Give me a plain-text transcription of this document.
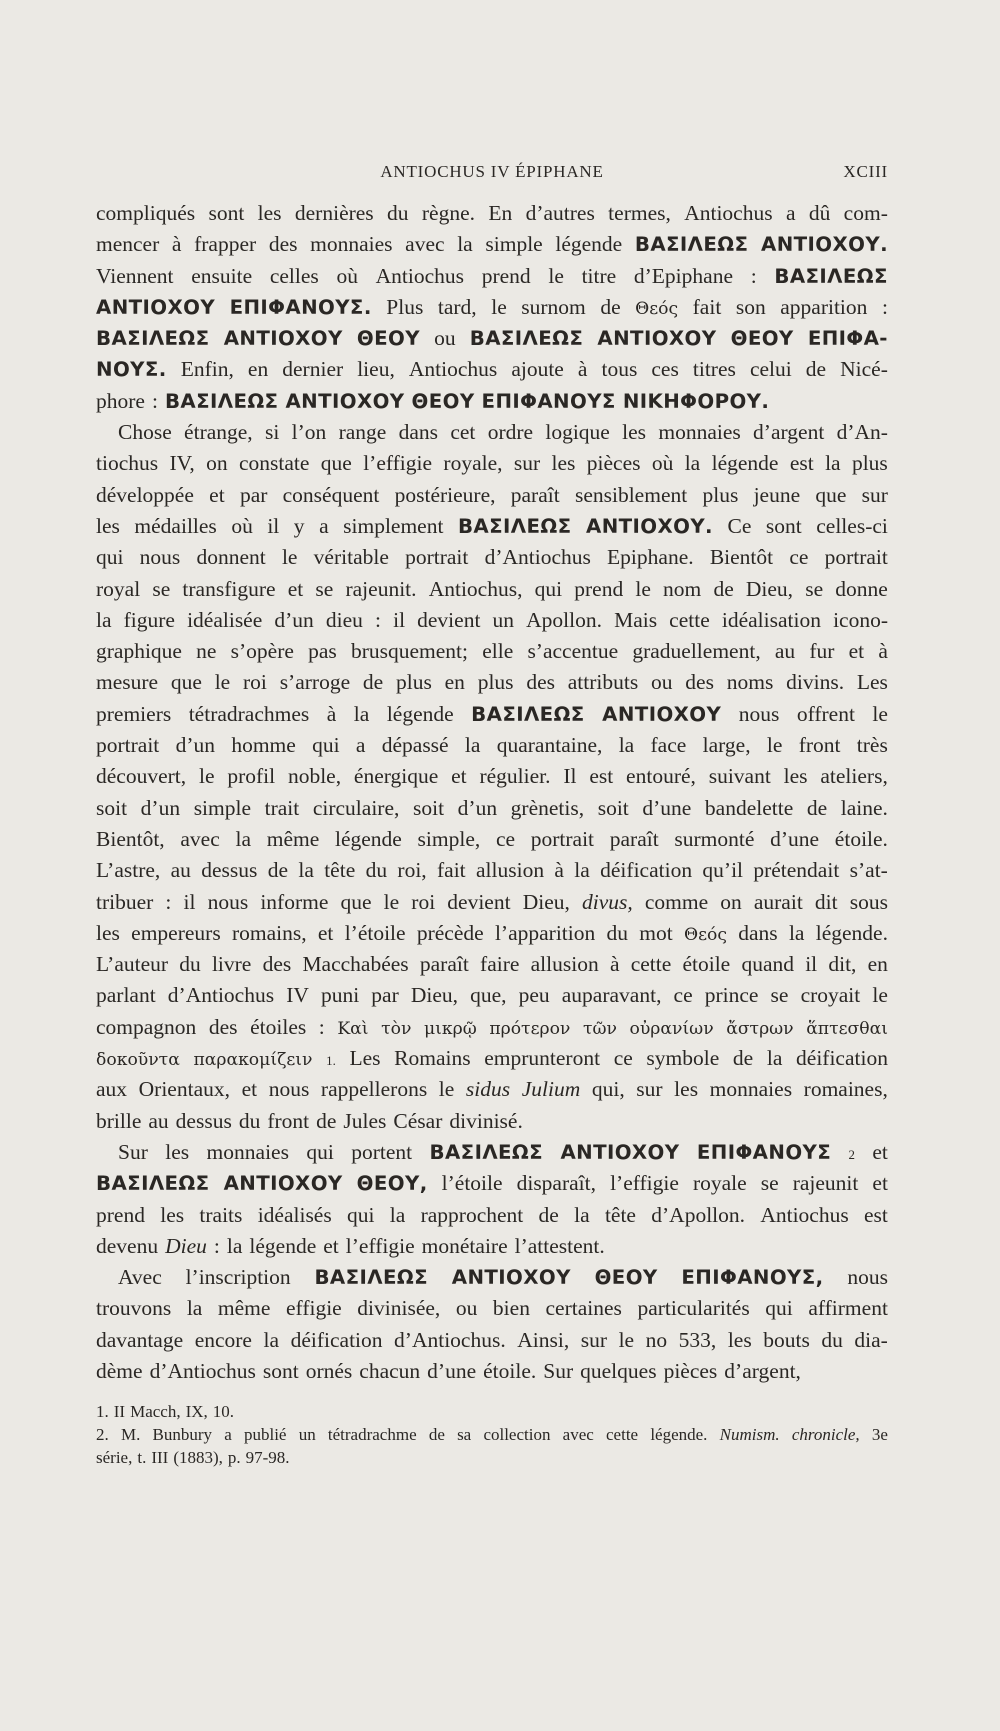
ANTIOCHUS IV ÉPIPHANE	XCIII
compliqués sont les dernières du règne. En d’autres termes, Antiochus a dû com-
mencer à frapper des monnaies avec la simple légende ΒΑΣΙΛΕΩΣ ΑΝΤΙΟΧΟΥ.
Viennent ensuite celles où Antiochus prend le titre d’Epiphane : ΒΑΣΙΛΕΩΣ
ΑΝΤΙΟΧΟΥ ΕΠΙΦΑΝΟΥΣ. Plus tard, le surnom de Θεός fait son apparition :
ΒΑΣΙΛΕΩΣ ΑΝΤΙΟΧΟΥ ΘΕΟΥ ou ΒΑΣΙΛΕΩΣ ΑΝΤΙΟΧΟΥ ΘΕΟΥ ΕΠΙΦΑ-
ΝΟΥΣ. Enfin, en dernier lieu, Antiochus ajoute à tous ces titres celui de Nicé-
phore : ΒΑΣΙΛΕΩΣ ΑΝΤΙΟΧΟΥ ΘΕΟΥ ΕΠΙΦΑΝΟΥΣ ΝΙΚΗΦΟΡΟΥ.
Chose étrange, si l’on range dans cet ordre logique les monnaies d’argent d’An-
tiochus IV, on constate que l’effigie royale, sur les pièces où la légende est la plus
développée et par conséquent postérieure, paraît sensiblement plus jeune que sur
les médailles où il y a simplement ΒΑΣΙΛΕΩΣ ΑΝΤΙΟΧΟΥ. Ce sont celles-ci
qui nous donnent le véritable portrait d’Antiochus Epiphane. Bientôt ce portrait
royal se transfigure et se rajeunit. Antiochus, qui prend le nom de Dieu, se donne
la figure idéalisée d’un dieu : il devient un Apollon. Mais cette idéalisation icono-
graphique ne s’opère pas brusquement; elle s’accentue graduellement, au fur et à
mesure que le roi s’arroge de plus en plus des attributs ou des noms divins. Les
premiers tétradrachmes à la légende ΒΑΣΙΛΕΩΣ ΑΝΤΙΟΧΟΥ nous offrent le
portrait d’un homme qui a dépassé la quarantaine, la face large, le front très
découvert, le profil noble, énergique et régulier. Il est entouré, suivant les ateliers,
soit d’un simple trait circulaire, soit d’un grènetis, soit d’une bandelette de laine.
Bientôt, avec la même légende simple, ce portrait paraît surmonté d’une étoile.
L’astre, au dessus de la tête du roi, fait allusion à la déification qu’il prétendait s’at-
tribuer : il nous informe que le roi devient Dieu, divus, comme on aurait dit sous
les empereurs romains, et l’étoile précède l’apparition du mot Θεός dans la légende.
L’auteur du livre des Macchabées paraît faire allusion à cette étoile quand il dit, en
parlant d’Antiochus IV puni par Dieu, que, peu auparavant, ce prince se croyait le
compagnon des étoiles : Καὶ τὸν μικρῷ πρότερον τῶν οὐρανίων ἄστρων ἅπτεσθαι
δοκοῦντα παρακομίζειν 1. Les Romains emprunteront ce symbole de la déification
aux Orientaux, et nous rappellerons le sidus Julium qui, sur les monnaies romaines,
brille au dessus du front de Jules César divinisé.
Sur les monnaies qui portent ΒΑΣΙΛΕΩΣ ΑΝΤΙΟΧΟΥ ΕΠΙΦΑΝΟΥΣ 2 et
ΒΑΣΙΛΕΩΣ ΑΝΤΙΟΧΟΥ ΘΕΟΥ, l’étoile disparaît, l’effigie royale se rajeunit et
prend les traits idéalisés qui la rapprochent de la tête d’Apollon. Antiochus est
devenu Dieu : la légende et l’effigie monétaire l’attestent.
Avec l’inscription ΒΑΣΙΛΕΩΣ ΑΝΤΙΟΧΟΥ ΘΕΟΥ ΕΠΙΦΑΝΟΥΣ, nous
trouvons la même effigie divinisée, ou bien certaines particularités qui affirment
davantage encore la déification d’Antiochus. Ainsi, sur le no 533, les bouts du dia-
dème d’Antiochus sont ornés chacun d’une étoile. Sur quelques pièces d’argent,
1. II Macch, IX, 10.
2. M. Bunbury a publié un tétradrachme de sa collection avec cette légende. Numism. chronicle, 3e
série, t. III (1883), p. 97-98.
